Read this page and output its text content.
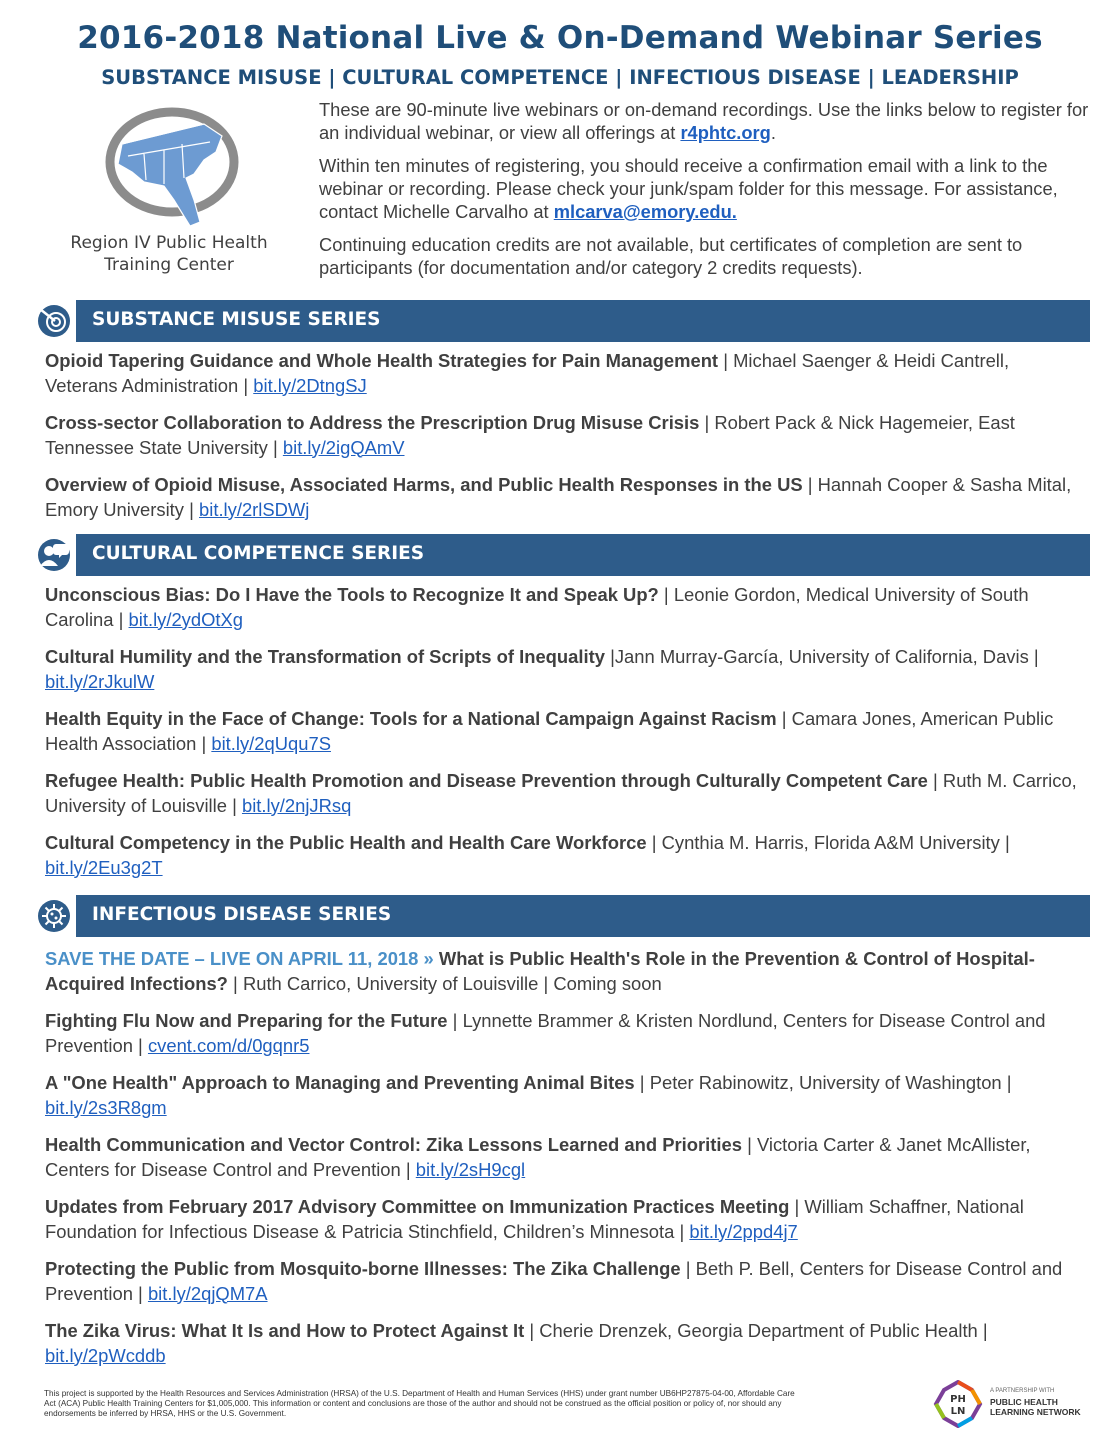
2016-2018 National Live & On-Demand Webinar Series
SUBSTANCE MISUSE | CULTURAL COMPETENCE | INFECTIOUS DISEASE | LEADERSHIP
Region IV Public Health
Training Center

These are 90-minute live webinars or on-demand recordings. Use the links below to register for an individual webinar, or view all offerings at r4phtc.org.

Within ten minutes of registering, you should receive a confirmation email with a link to the webinar or recording. Please check your junk/spam folder for this message. For assistance, contact Michelle Carvalho at mlcarva@emory.edu.

Continuing education credits are not available, but certificates of completion are sent to participants (for documentation and/or category 2 credits requests).

SUBSTANCE MISUSE SERIES
Opioid Tapering Guidance and Whole Health Strategies for Pain Management | Michael Saenger & Heidi Cantrell, Veterans Administration | bit.ly/2DtngSJ
Cross-sector Collaboration to Address the Prescription Drug Misuse Crisis | Robert Pack & Nick Hagemeier, East Tennessee State University | bit.ly/2igQAmV
Overview of Opioid Misuse, Associated Harms, and Public Health Responses in the US | Hannah Cooper & Sasha Mital, Emory University | bit.ly/2rlSDWj
CULTURAL COMPETENCE SERIES
Unconscious Bias: Do I Have the Tools to Recognize It and Speak Up? | Leonie Gordon, Medical University of South Carolina | bit.ly/2ydOtXg
Cultural Humility and the Transformation of Scripts of Inequality |Jann Murray-García, University of California, Davis | bit.ly/2rJkulW
Health Equity in the Face of Change: Tools for a National Campaign Against Racism | Camara Jones, American Public Health Association | bit.ly/2qUqu7S
Refugee Health: Public Health Promotion and Disease Prevention through Culturally Competent Care | Ruth M. Carrico, University of Louisville | bit.ly/2njJRsq
Cultural Competency in the Public Health and Health Care Workforce | Cynthia M. Harris, Florida A&M University | bit.ly/2Eu3g2T
INFECTIOUS DISEASE SERIES
SAVE THE DATE – LIVE ON APRIL 11, 2018 » What is Public Health's Role in the Prevention & Control of Hospital-Acquired Infections? | Ruth Carrico, University of Louisville | Coming soon
Fighting Flu Now and Preparing for the Future | Lynnette Brammer & Kristen Nordlund, Centers for Disease Control and Prevention | cvent.com/d/0gqnr5
A "One Health" Approach to Managing and Preventing Animal Bites | Peter Rabinowitz, University of Washington | bit.ly/2s3R8gm
Health Communication and Vector Control: Zika Lessons Learned and Priorities | Victoria Carter & Janet McAllister, Centers for Disease Control and Prevention | bit.ly/2sH9cgl
Updates from February 2017 Advisory Committee on Immunization Practices Meeting | William Schaffner, National Foundation for Infectious Disease & Patricia Stinchfield, Children’s Minnesota | bit.ly/2ppd4j7
Protecting the Public from Mosquito-borne Illnesses: The Zika Challenge | Beth P. Bell, Centers for Disease Control and Prevention | bit.ly/2qjQM7A
The Zika Virus: What It Is and How to Protect Against It | Cherie Drenzek, Georgia Department of Public Health | bit.ly/2pWcddb
This project is supported by the Health Resources and Services Administration (HRSA) of the U.S. Department of Health and Human Services (HHS) under grant number UB6HP27875-04-00, Affordable Care Act (ACA) Public Health Training Centers for $1,005,000. This information or content and conclusions are those of the author and should not be construed as the official position or policy of, nor should any endorsements be inferred by HRSA, HHS or the U.S. Government.
PH
LN
A PARTNERSHIP WITH
PUBLIC HEALTH
LEARNING NETWORK
